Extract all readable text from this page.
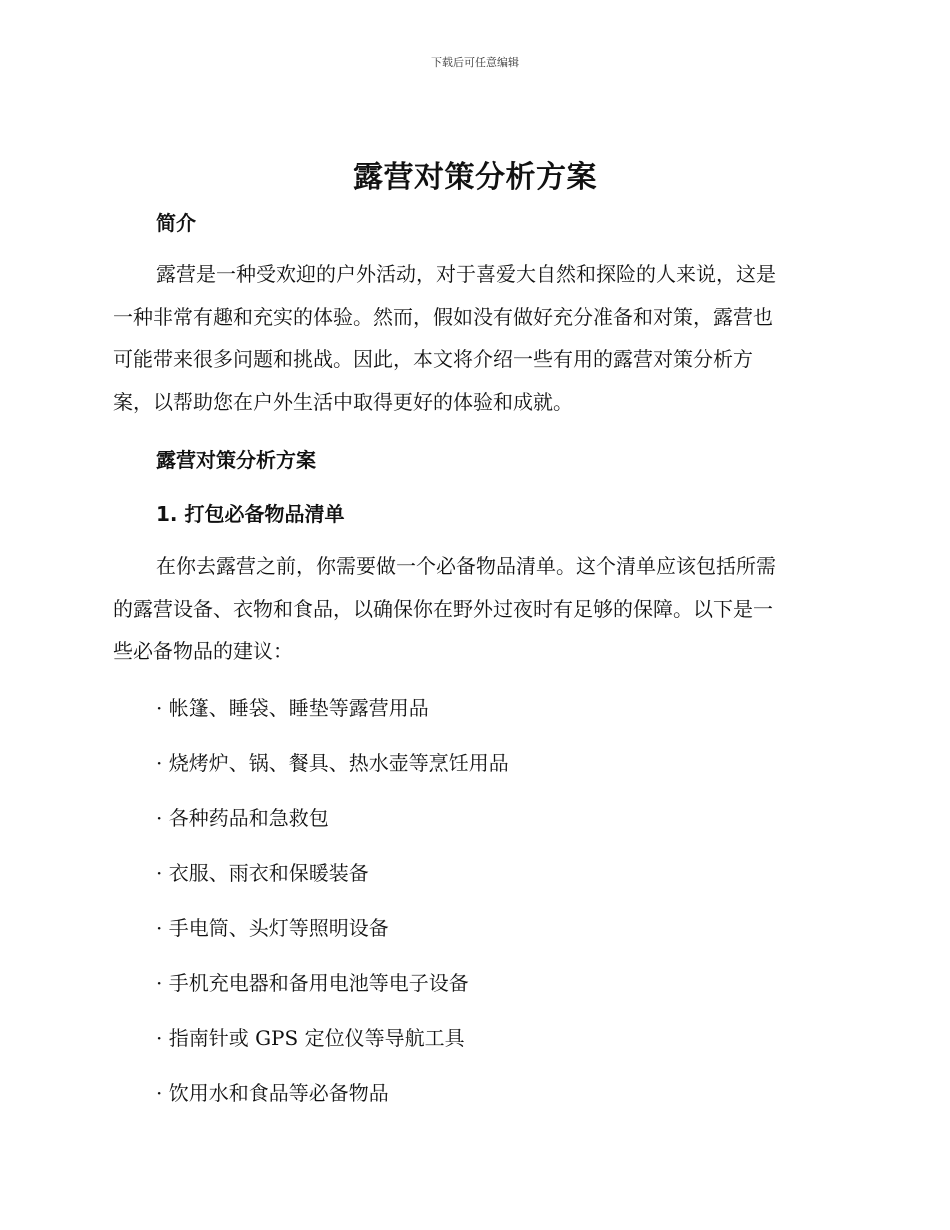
下载后可任意编辑
露营对策分析方案
简介
露营是一种受欢迎的户外活动，对于喜爱大自然和探险的人来说，这是
一种非常有趣和充实的体验。然而，假如没有做好充分准备和对策，露营也
可能带来很多问题和挑战。因此，本文将介绍一些有用的露营对策分析方
案，以帮助您在户外生活中取得更好的体验和成就。
露营对策分析方案
1. 打包必备物品清单
在你去露营之前，你需要做一个必备物品清单。这个清单应该包括所需
的露营设备、衣物和食品，以确保你在野外过夜时有足够的保障。以下是一
些必备物品的建议：
· 帐篷、睡袋、睡垫等露营用品
· 烧烤炉、锅、餐具、热水壶等烹饪用品
· 各种药品和急救包
· 衣服、雨衣和保暖装备
· 手电筒、头灯等照明设备
· 手机充电器和备用电池等电子设备
· 指南针或 GPS 定位仪等导航工具
· 饮用水和食品等必备物品
